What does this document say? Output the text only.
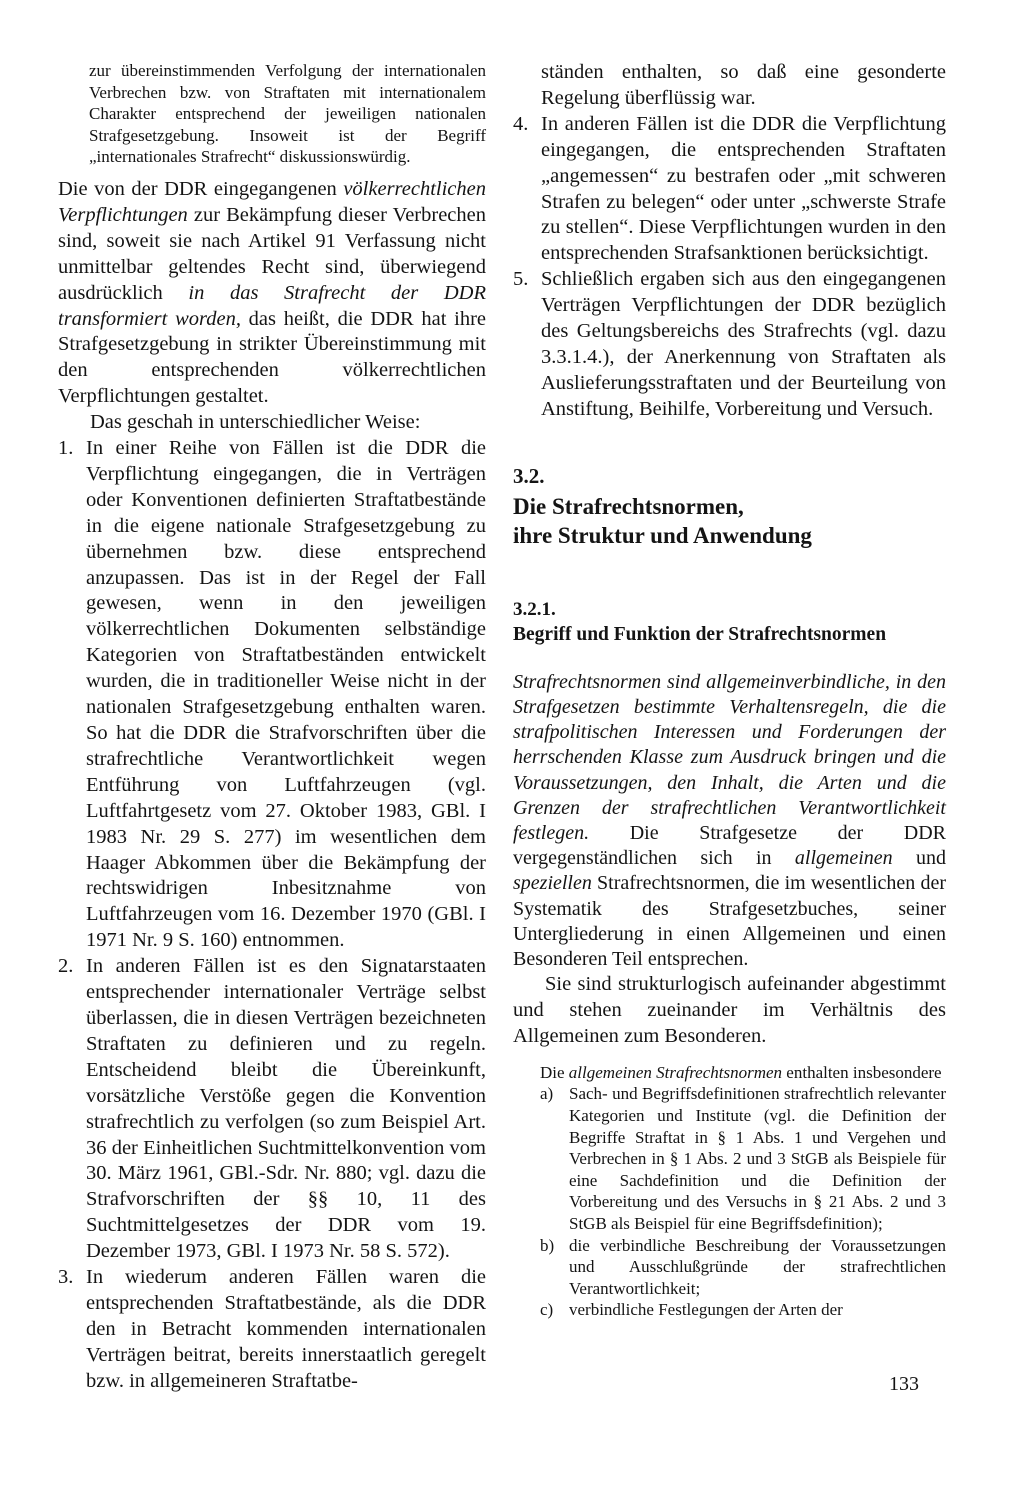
zur übereinstimmenden Verfolgung der internationalen Verbrechen bzw. von Straftaten mit internationalem Charakter entsprechend der jeweiligen nationalen Strafgesetzgebung. Insoweit ist der Begriff „internationales Strafrecht“ diskussionswürdig.

Die von der DDR eingegangenen völkerrechtlichen Verpflichtungen zur Bekämpfung dieser Verbrechen sind, soweit sie nach Artikel 91 Verfassung nicht unmittelbar geltendes Recht sind, überwiegend ausdrücklich in das Strafrecht der DDR transformiert worden, das heißt, die DDR hat ihre Strafgesetzgebung in strikter Übereinstimmung mit den entsprechenden völkerrechtlichen Verpflichtungen gestaltet.

Das geschah in unterschiedlicher Weise:

1. In einer Reihe von Fällen ist die DDR die Verpflichtung eingegangen, die in Verträgen oder Konventionen definierten Straftatbestände in die eigene nationale Strafgesetzgebung zu übernehmen bzw. diese entsprechend anzupassen. Das ist in der Regel der Fall gewesen, wenn in den jeweiligen völkerrechtlichen Dokumenten selbständige Kategorien von Straftatbeständen entwickelt wurden, die in traditioneller Weise nicht in der nationalen Strafgesetzgebung enthalten waren. So hat die DDR die Strafvorschriften über die strafrechtliche Verantwortlichkeit wegen Entführung von Luftfahrzeugen (vgl. Luftfahrtgesetz vom 27. Oktober 1983, GBl. I 1983 Nr. 29 S. 277) im wesentlichen dem Haager Abkommen über die Bekämpfung der rechtswidrigen Inbesitznahme von Luftfahrzeugen vom 16. Dezember 1970 (GBl. I 1971 Nr. 9 S. 160) entnommen.
2. In anderen Fällen ist es den Signatarstaaten entsprechender internationaler Verträge selbst überlassen, die in diesen Verträgen bezeichneten Straftaten zu definieren und zu regeln. Entscheidend bleibt die Übereinkunft, vorsätzliche Verstöße gegen die Konvention strafrechtlich zu verfolgen (so zum Beispiel Art. 36 der Einheitlichen Suchtmittelkonvention vom 30. März 1961, GBl.-Sdr. Nr. 880; vgl. dazu die Strafvorschriften der §§ 10, 11 des Suchtmittelgesetzes der DDR vom 19. Dezember 1973, GBl. I 1973 Nr. 58 S. 572).
3. In wiederum anderen Fällen waren die entsprechenden Straftatbestände, als die DDR den in Betracht kommenden internationalen Verträgen beitrat, bereits innerstaatlich geregelt bzw. in allgemeineren Straftatbe-

ständen enthalten, so daß eine gesonderte Regelung überflüssig war.

4. In anderen Fällen ist die DDR die Verpflichtung eingegangen, die entsprechenden Straftaten „angemessen“ zu bestrafen oder „mit schweren Strafen zu belegen“ oder unter „schwerste Strafe zu stellen“. Diese Verpflichtungen wurden in den entsprechenden Strafsanktionen berücksichtigt.
5. Schließlich ergaben sich aus den eingegangenen Verträgen Verpflichtungen der DDR bezüglich des Geltungsbereichs des Strafrechts (vgl. dazu 3.3.1.4.), der Anerkennung von Straftaten als Auslieferungsstraftaten und der Beurteilung von Anstiftung, Beihilfe, Vorbereitung und Versuch.

3.2.

Die Strafrechtsnormen,

ihre Struktur und Anwendung

3.2.1.

Begriff und Funktion der Strafrechtsnormen

Strafrechtsnormen sind allgemeinverbindliche, in den Strafgesetzen bestimmte Verhaltensregeln, die die strafpolitischen Interessen und Forderungen der herrschenden Klasse zum Ausdruck bringen und die Voraussetzungen, den Inhalt, die Arten und die Grenzen der strafrechtlichen Verantwortlichkeit festlegen. Die Strafgesetze der DDR vergegenständlichen sich in allgemeinen und speziellen Strafrechtsnormen, die im wesentlichen der Systematik des Strafgesetzbuches, seiner Untergliederung in einen Allgemeinen und einen Besonderen Teil entsprechen.

Sie sind strukturlogisch aufeinander abgestimmt und stehen zueinander im Verhältnis des Allgemeinen zum Besonderen.

Die allgemeinen Strafrechtsnormen enthalten insbesondere

a) Sach- und Begriffsdefinitionen strafrechtlich relevanter Kategorien und Institute (vgl. die Definition der Begriffe Straftat in § 1 Abs. 1 und Vergehen und Verbrechen in § 1 Abs. 2 und 3 StGB als Beispiele für eine Sachdefinition und die Definition der Vorbereitung und des Versuchs in § 21 Abs. 2 und 3 StGB als Beispiel für eine Begriffsdefinition);
b) die verbindliche Beschreibung der Voraussetzungen und Ausschlußgründe der strafrechtlichen Verantwortlichkeit;
c) verbindliche Festlegungen der Arten der
133
